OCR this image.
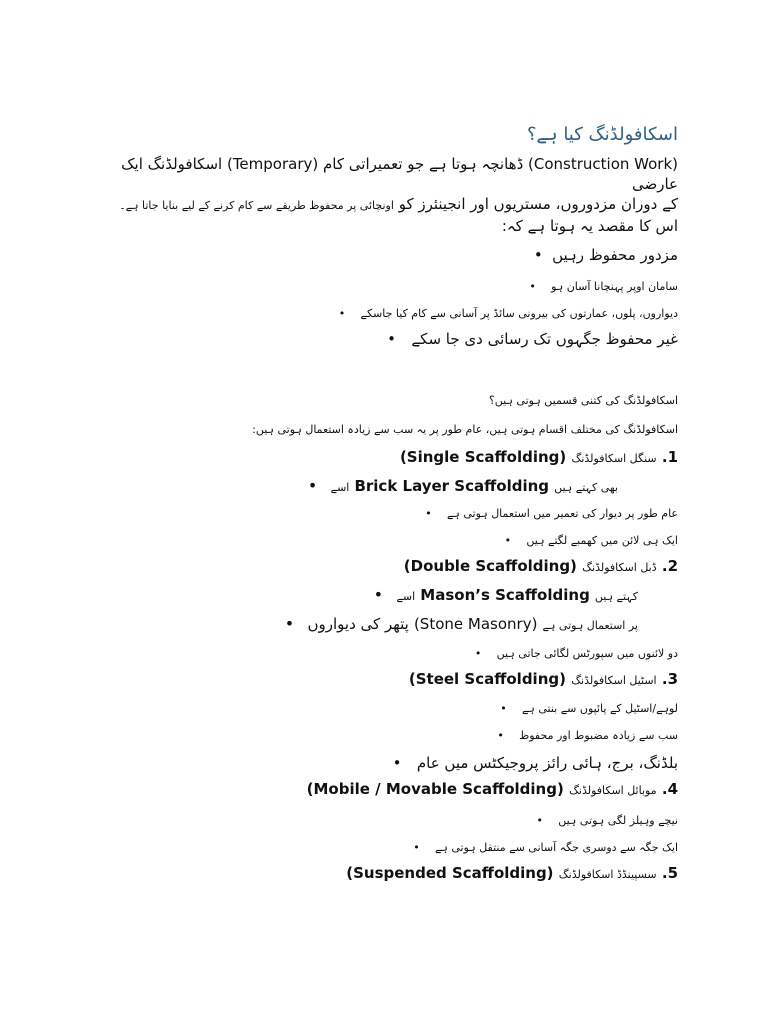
اسکافولڈنگ کیا ہے؟

(Construction Work) ڈھانچہ ہوتا ہے جو تعمیراتی کام (Temporary) اسکافولڈنگ ایک عارضی

کے دوران مزدوروں، مستریوں اور انجینئرز کو اونچائی پر محفوظ طریقے سے کام کرنے کے لیے بنایا جاتا ہے۔

اس کا مقصد یہ ہوتا ہے کہ:

مزدور محفوظ رہیں •

سامان اوپر پہنچانا آسان ہو •

دیواروں، پلوں، عمارتوں کی بیرونی سائڈ پر آسانی سے کام کیا جاسکے •

غیر محفوظ جگہوں تک رسائی دی جا سکے •

اسکافولڈنگ کی کتنی قسمیں ہوتی ہیں؟

اسکافولڈنگ کی مختلف اقسام ہوتی ہیں، عام طور پر یہ سب سے زیادہ استعمال ہوتی ہیں:

1. سنگل اسکافولڈنگ (Single Scaffolding)

بھی کہتے ہیں Brick Layer Scaffolding اسے •

عام طور پر دیوار کی تعمیر میں استعمال ہوتی ہے •

ایک ہی لائن میں کھمبے لگتے ہیں •

2. ڈبل اسکافولڈنگ (Double Scaffolding)

کہتے ہیں Mason’s Scaffolding اسے •

پر استعمال ہوتی ہے (Stone Masonry) پتھر کی دیواروں •

دو لائنوں میں سپورٹس لگائی جاتی ہیں •

3. اسٹیل اسکافولڈنگ (Steel Scaffolding)

لوہے/اسٹیل کے پائپوں سے بنتی ہے •

سب سے زیادہ مضبوط اور محفوظ •

بلڈنگ، برج، ہائی رائز پروجیکٹس میں عام •

4. موبائل اسکافولڈنگ (Mobile / Movable Scaffolding)

نیچے وہیلز لگی ہوتی ہیں •

ایک جگہ سے دوسری جگہ آسانی سے منتقل ہوتی ہے •

5. سسپینڈڈ اسکافولڈنگ (Suspended Scaffolding)
